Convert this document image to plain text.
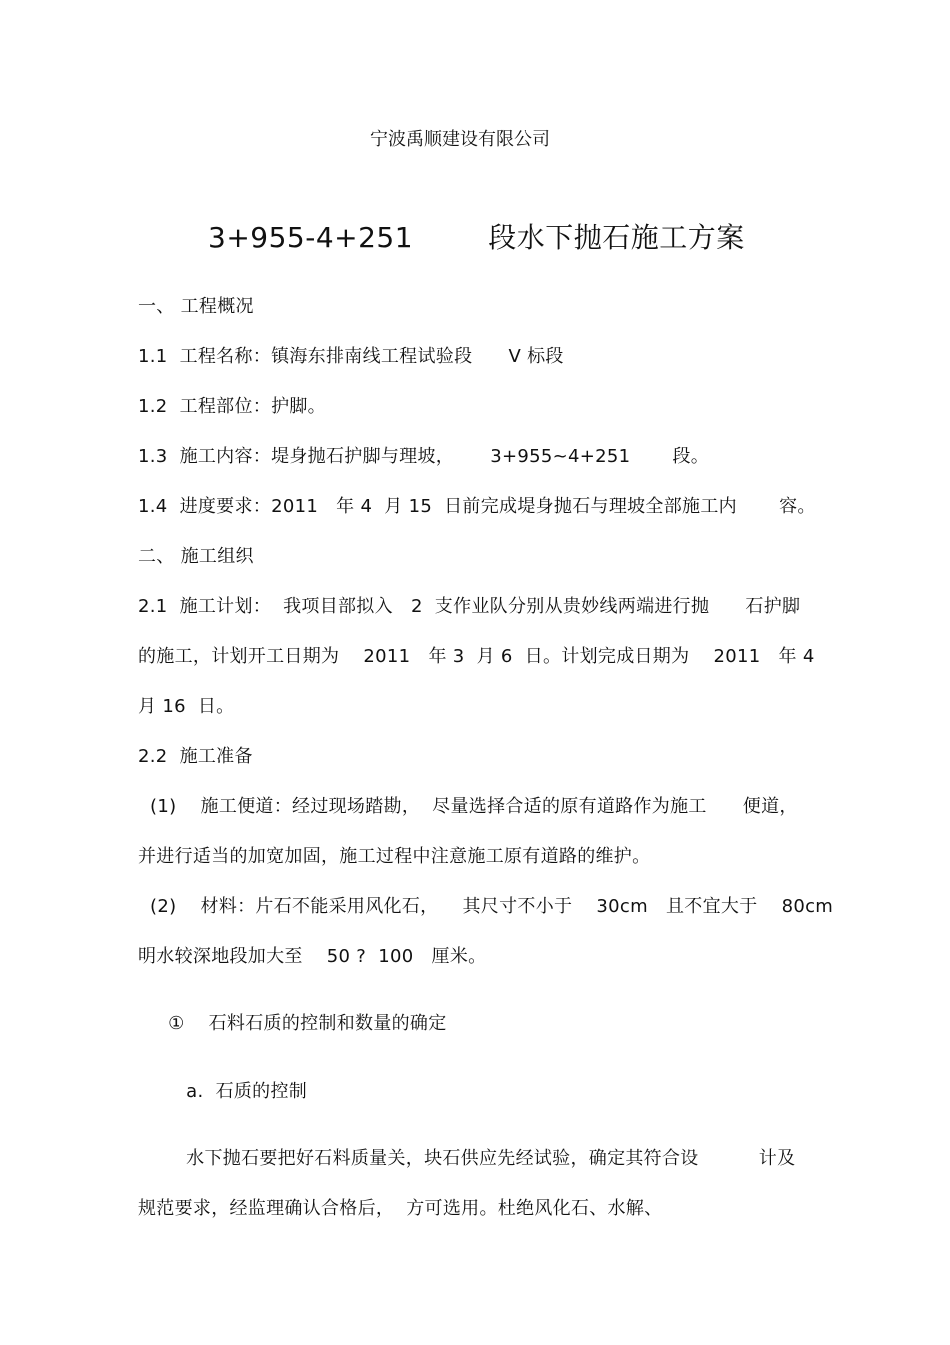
宁波禹顺建设有限公司
3+955-4+251        段水下抛石施工方案
一、 工程概况
1.1  工程名称：镇海东排南线工程试验段      V 标段
1.2  工程部位：护脚。
1.3  施工内容：堤身抛石护脚与理坡，      3+955~4+251       段。
1.4  进度要求：2011   年 4  月 15  日前完成堤身抛石与理坡全部施工内       容。
二、 施工组织
2.1  施工计划：  我项目部拟入   2  支作业队分别从贵妙线两端进行抛      石护脚
的施工，计划开工日期为    2011   年 3  月 6  日。计划完成日期为    2011   年 4
月 16  日。
2.2  施工准备
(1)    施工便道：经过现场踏勘，  尽量选择合适的原有道路作为施工      便道，
并进行适当的加宽加固，施工过程中注意施工原有道路的维护。
(2)    材料：片石不能采用风化石，    其尺寸不小于    30cm   且不宜大于    80cm
明水较深地段加大至    50 ?  100   厘米。
①    石料石质的控制和数量的确定
a.  石质的控制
水下抛石要把好石料质量关，块石供应先经试验，确定其符合设          计及
规范要求，经监理确认合格后，  方可选用。杜绝风化石、水解、
